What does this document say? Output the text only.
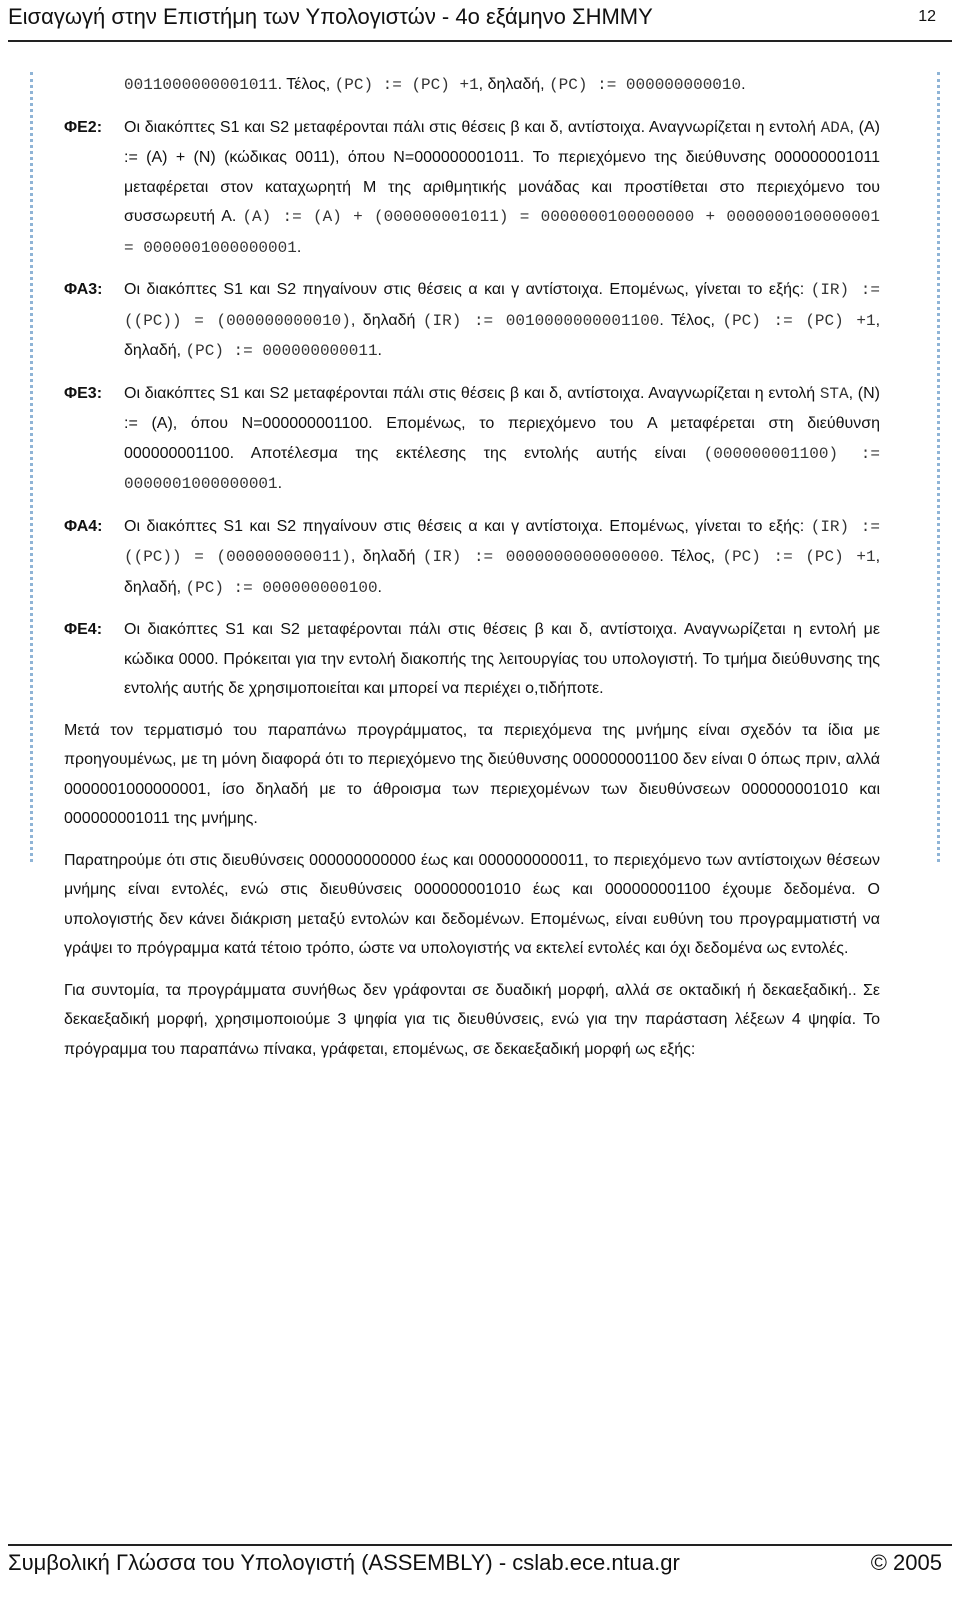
Εισαγωγή στην Επιστήμη των Υπολογιστών - 4ο εξάμηνο ΣΗΜΜΥ	12
0011000000001011. Τέλος, (PC) := (PC) +1, δηλαδή, (PC) := 000000000010.
ΦΕ2: Οι διακόπτες S1 και S2 μεταφέρονται πάλι στις θέσεις β και δ, αντίστοιχα. Αναγνωρίζεται η εντολή ADA, (A) := (A) + (N) (κώδικας 0011), όπου N=000000001011. Το περιεχόμενο της διεύθυνσης 000000001011 μεταφέρεται στον καταχωρητή M της αριθμητικής μονάδας και προστίθεται στο περιεχόμενο του συσσωρευτή A. (A) := (A) + (000000001011) = 0000000100000000 + 0000000100000001 = 0000001000000001.
ΦΑ3: Οι διακόπτες S1 και S2 πηγαίνουν στις θέσεις α και γ αντίστοιχα. Επομένως, γίνεται το εξής: (IR) := ((PC)) = (000000000010), δηλαδή (IR) := 0010000000001100. Τέλος, (PC) := (PC) +1, δηλαδή, (PC) := 000000000011.
ΦΕ3: Οι διακόπτες S1 και S2 μεταφέρονται πάλι στις θέσεις β και δ, αντίστοιχα. Αναγνωρίζεται η εντολή STA, (N) := (A), όπου N=000000001100. Επομένως, το περιεχόμενο του A μεταφέρεται στη διεύθυνση 000000001100. Αποτέλεσμα της εκτέλεσης της εντολής αυτής είναι (000000001100) := 0000001000000001.
ΦΑ4: Οι διακόπτες S1 και S2 πηγαίνουν στις θέσεις α και γ αντίστοιχα. Επομένως, γίνεται το εξής: (IR) := ((PC)) = (000000000011), δηλαδή (IR) := 0000000000000000. Τέλος, (PC) := (PC) +1, δηλαδή, (PC) := 000000000100.
ΦΕ4: Οι διακόπτες S1 και S2 μεταφέρονται πάλι στις θέσεις β και δ, αντίστοιχα. Αναγνωρίζεται η εντολή με κώδικα 0000. Πρόκειται για την εντολή διακοπής της λειτουργίας του υπολογιστή. Το τμήμα διεύθυνσης της εντολής αυτής δε χρησιμοποιείται και μπορεί να περιέχει ο,τιδήποτε.
Μετά τον τερματισμό του παραπάνω προγράμματος, τα περιεχόμενα της μνήμης είναι σχεδόν τα ίδια με προηγουμένως, με τη μόνη διαφορά ότι το περιεχόμενο της διεύθυνσης 000000001100 δεν είναι 0 όπως πριν, αλλά 0000001000000001, ίσο δηλαδή με το άθροισμα των περιεχομένων των διευθύνσεων 000000001010 και 000000001011 της μνήμης.
Παρατηρούμε ότι στις διευθύνσεις 000000000000 έως και 000000000011, το περιεχόμενο των αντίστοιχων θέσεων μνήμης είναι εντολές, ενώ στις διευθύνσεις 000000001010 έως και 000000001100 έχουμε δεδομένα. Ο υπολογιστής δεν κάνει διάκριση μεταξύ εντολών και δεδομένων. Επομένως, είναι ευθύνη του προγραμματιστή να γράψει το πρόγραμμα κατά τέτοιο τρόπο, ώστε να υπολογιστής να εκτελεί εντολές και όχι δεδομένα ως εντολές.
Για συντομία, τα προγράμματα συνήθως δεν γράφονται σε δυαδική μορφή, αλλά σε οκταδική ή δεκαεξαδική.. Σε δεκαεξαδική μορφή, χρησιμοποιούμε 3 ψηφία για τις διευθύνσεις, ενώ για την παράσταση λέξεων 4 ψηφία. Το πρόγραμμα του παραπάνω πίνακα, γράφεται, επομένως, σε δεκαεξαδική μορφή ως εξής:
Συμβολική Γλώσσα του Υπολογιστή (ASSEMBLY) - cslab.ece.ntua.gr	© 2005
